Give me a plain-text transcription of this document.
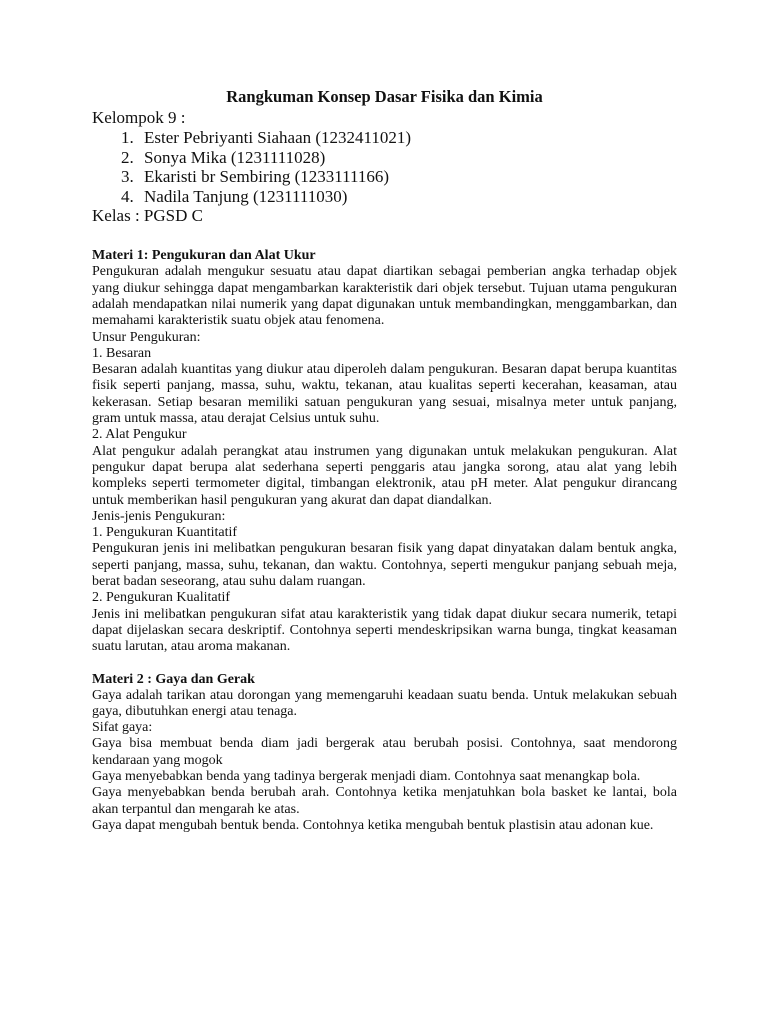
Rangkuman Konsep Dasar Fisika dan Kimia

Kelompok 9 :

1. Ester Pebriyanti Siahaan (1232411021)
2. Sonya Mika (1231111028)
3. Ekaristi br Sembiring (1233111166)
4. Nadila Tanjung (1231111030)

Kelas : PGSD C

Materi 1: Pengukuran dan Alat Ukur

Pengukuran adalah mengukur sesuatu atau dapat diartikan sebagai pemberian angka terhadap objek yang diukur sehingga dapat mengambarkan karakteristik dari objek tersebut. Tujuan utama pengukuran adalah mendapatkan nilai numerik yang dapat digunakan untuk membandingkan, menggambarkan, dan memahami karakteristik suatu objek atau fenomena.

Unsur Pengukuran:

1. Besaran

Besaran adalah kuantitas yang diukur atau diperoleh dalam pengukuran. Besaran dapat berupa kuantitas fisik seperti panjang, massa, suhu, waktu, tekanan, atau kualitas seperti kecerahan, keasaman, atau kekerasan. Setiap besaran memiliki satuan pengukuran yang sesuai, misalnya meter untuk panjang, gram untuk massa, atau derajat Celsius untuk suhu.

2. Alat Pengukur

Alat pengukur adalah perangkat atau instrumen yang digunakan untuk melakukan pengukuran. Alat pengukur dapat berupa alat sederhana seperti penggaris atau jangka sorong, atau alat yang lebih kompleks seperti termometer digital, timbangan elektronik, atau pH meter. Alat pengukur dirancang untuk memberikan hasil pengukuran yang akurat dan dapat diandalkan.

Jenis-jenis Pengukuran:

1. Pengukuran Kuantitatif

Pengukuran jenis ini melibatkan pengukuran besaran fisik yang dapat dinyatakan dalam bentuk angka, seperti panjang, massa, suhu, tekanan, dan waktu. Contohnya, seperti mengukur panjang sebuah meja, berat badan seseorang, atau suhu dalam ruangan.

2. Pengukuran Kualitatif

Jenis ini melibatkan pengukuran sifat atau karakteristik yang tidak dapat diukur secara numerik, tetapi dapat dijelaskan secara deskriptif. Contohnya seperti mendeskripsikan warna bunga, tingkat keasaman suatu larutan, atau aroma makanan.

Materi 2 : Gaya dan Gerak

Gaya adalah tarikan atau dorongan yang memengaruhi keadaan suatu benda. Untuk melakukan sebuah gaya, dibutuhkan energi atau tenaga.

Sifat gaya:

Gaya bisa membuat benda diam jadi bergerak atau berubah posisi. Contohnya, saat mendorong kendaraan yang mogok

Gaya menyebabkan benda yang tadinya bergerak menjadi diam. Contohnya saat menangkap bola.

Gaya menyebabkan benda berubah arah. Contohnya ketika menjatuhkan bola basket ke lantai, bola akan terpantul dan mengarah ke atas.

Gaya dapat mengubah bentuk benda. Contohnya ketika mengubah bentuk plastisin atau adonan kue.
